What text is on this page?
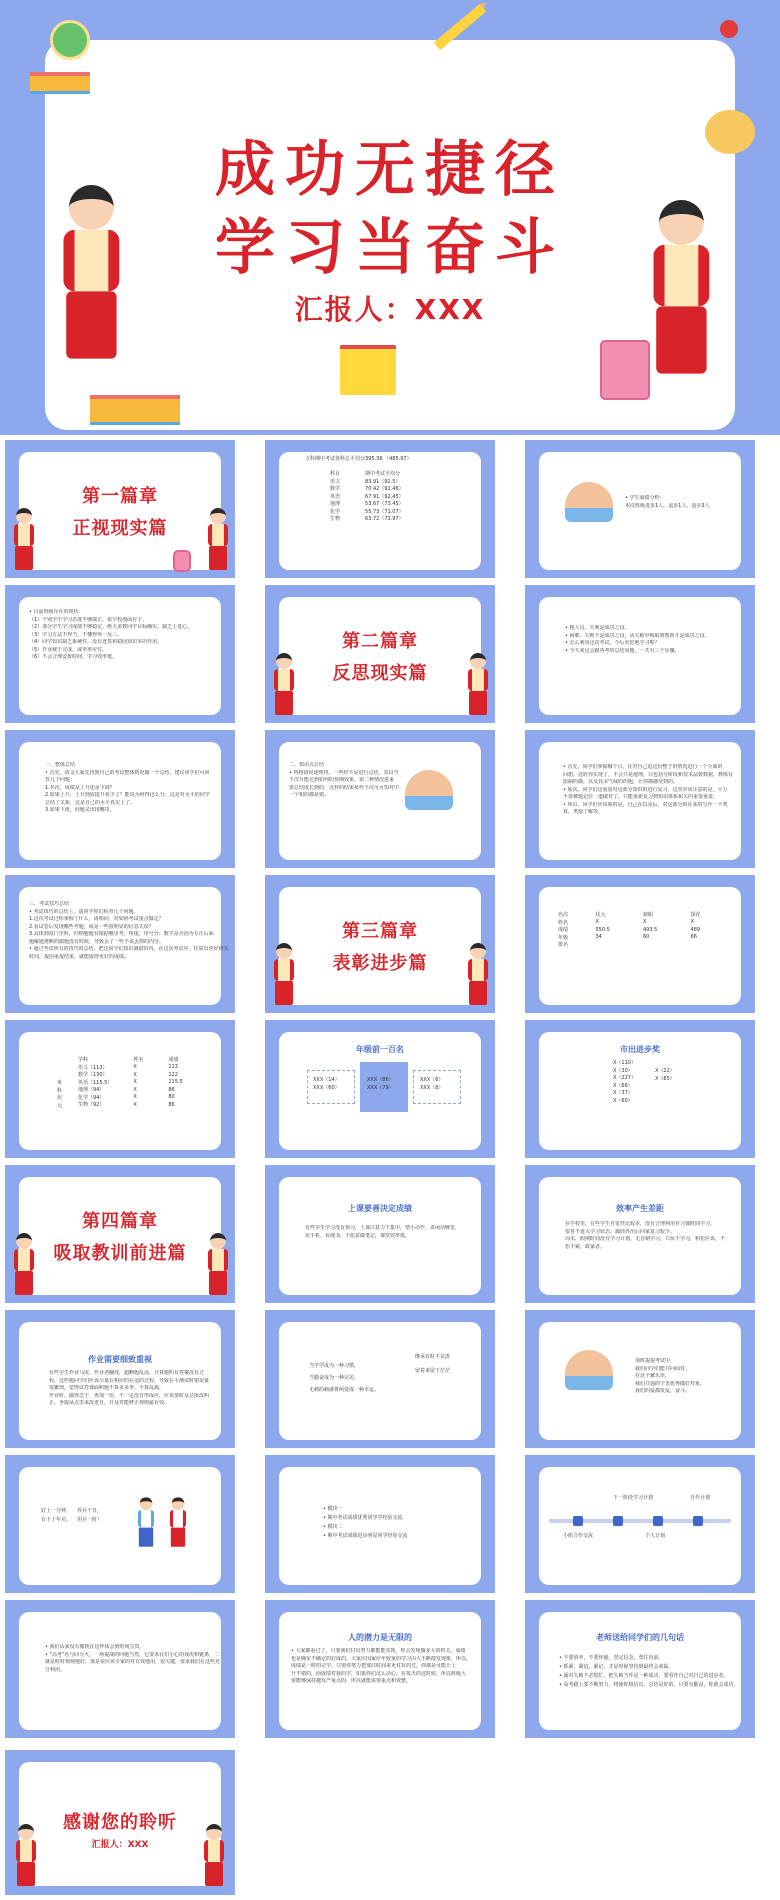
成功无捷径
学习当奋斗
汇报人：XXX
第一篇章
正视现实篇
文科期中考试各科总平均分395.36 （485.97）
科目	期中考试平均分
语文	83.91（92.5）
数学	70.42（91.46）
英语	67.91（92.45）
地理	53.67（73.45）
化学	55.73（71.07）
生物	63.72（73.97）
• 学生成绩分析：
本次班级进步1人，退步1人，退步3人
• 目前班级存在的现状：
（1）个别学生学习态度不够端正，常学校漫面存子。
（2）部分学生学习成绩不够稳定，绝大多数同学目标确实，缺乏上进心。
（3）学习方法不得当，不懂得举一反三。
（4）同学知识缺乏系统性，没有连贯和稳固知识本的作用。
（5）作业疲于完成，或草率应付。
（6）不会合理安排时间，学习效率低。
第二篇章
反思现实篇
• 粗人员，失利是成功之母。
• 困难，失败不是成功之母，从失败中吸取到教训才是成功之母。
• 怎么利用这次考试，今后更好地学习呢？
• 今天来这会跟各考的总结问题，一共有三个步骤。
一、整体总结
• 首先，请父大家先找到自己的考试整体情况做一个总结，建议同学们可回
答几个问题：
1.名次，成绩是上升还是下降？
2.如果上升，上升到底提升多少了？能说为何得这么分，这是对水平的同学
总结了关系，这是自己的水平真实上了。
3.如果下滑，问题又出现哪里。
二、知识点总结
• 再将错误逐理找，一些经不是进行总结，其以当
下次月能达到如何的预期效果，第二种情况进来
要总结成长到的，这样的结果某些下次可可知对中
一个相的都是错。
• 首先，同学们掌握哪个目，在对自己追这份整子的情况进行一个全面的
回想，这时你实现了，不会只是地理，只包括分阶段和技术品数数据，教练有
限制的都，以及其余气味的的题，让你都感受到的。
• 那次，同学们这重量对这部分知识的进行复习，这里应该注意的是，平万
不要被题记住一道做对了，只能重新复习到知识体系相关的重要重要。
• 所以，同学们应该收的是，自己在以及后，对这部分的在某的写作一个类
算，类似了解等。
三、考试技巧总结
• 考试技巧的总结上，请同学你们检查几个问题。
1.这次考试过程掌握了什么，请相同，对如何考试重点做定？
2.看试卷后发现哪些考题，或是一些很明显的信息失误？
3.具体到每门学科，归纳题题有根据哪里考，所提，序号分；数学是否因为专注后面
题解题推断的做题没有时候，导致丢了一些不该丢掉的内分。
• 通过考试所有的技巧的总结，把达同学们知识减错的内，在这次考试中，往算出喜好和失
时间，提前重提结果，就能取得更好的成绩。
第三篇章
表彰进步篇
名次	状元	榜眼	探花
姓名	X	X	X
成绩	550.5	493.5	489
年级	34	60	66
排名			
单科状元
学科	姓名	成绩
语文（113）	X	113
数学（130）	X	122
英语（115.5）	X	115.5
地理（94）	X	86
化学（94）	X	80
生物（92）	X	86
年级前一百名
XXX（14）
XXX（60）
XXX（86）
XXX（79）
XXX（6）
XXX（8）
市出进步奖
X（110）
X（30）
X（227）
X（66）
X（37）
X（60）
X（22）
X（85）
第四篇章
吸取教训前进篇
上课要善决定成绩
有些学生学习没有预习，上课注意力不集中，情小动作，讲闲话睡觉，
玩手机，看漫书，不愿意做笔记，课堂效率低。
效率产生差距
在学校里，有些学生自觉性比较差，没有合理利用自习课时间学习。
很喜不进入学习状态，疏简外治后回家复习较少。
周末，假期时间没有学习计划，无自制学习，只玩不学习，积松应该，不
松不紧，政家者。
作业需要细致重视
有些学生作业马虎，作业老翻找，超啊题乱涂，计算题叫有答案没有过
程，这些题同学们应该尽量在相应的在适的过程，导致在平测试时错误量
很繁琐，觉得试卷课面积题不算多多季，不算乱疏。
作业时，做得急于，再加一份，不一定没有形成应，应该要时及总批改纠
正，争取从点里来改进自，并及对能修正规则最有效。
当学学成为一种习惯，
当勤奋成为一种完美，
无痛的痛就将两变成一种幸运。
继承有时不荒唐
留着来留于茫茫
加班提提考试中，
我们同学们能共同面对。
在这个繁乐里，
我们共通的个表优秀做好对象，
我们的爱都发爱，奋斗。
好上一分钟，
台下十年功。
养兵千日，
用兵一时！
• 模块一
• 期中考试成绩优秀同学学经验交流
• 模块二
• 期中考试成绩进步明显同学经验交流
下一阶段学习计划	自作计划
小组合作交流	个人计划
• 我们从来没有像现在这样体会到时间宝贵。
• "高考"名与回分火，一场提战的问题当然，它要求在们小心的戏况和链条，二
就是时时刻刻地好，那是说应该专家的对有效地用，很关键，要求我们在这些充
分利用。
人的潜力是无限的
• 大家都看过了，只要我们付出努力都能能实现，你会发现做多大的机关，成绩
也是确实不确定的好成的，大家应国家应年较重的学习由大不断散发现象，所以，
成绩是一时的完学，只要你努力把那往时间来更对抗的过，你都是可能让上
升不错的，而成绩对我的学，如果你们这么动心，在每天的这时候，所以班级大
要能够保持越发严重点的，所以就能需要重点和效整。
老师送给同学们的几句话
• 不要放弃，不要怀疑，坚定信念，勇往直前。
• 抓紧，紧迫，紧记，才是时候坚持到最终会来临。
• 面对失败不必慌忙，把失败当作是一种成功，要看作自己对自己的进步者。
• 高考路上要不断努力，将使你相信出，总结是好的，只要有勤奋，你就会成功。
感谢您的聆听
汇报人：XXX
